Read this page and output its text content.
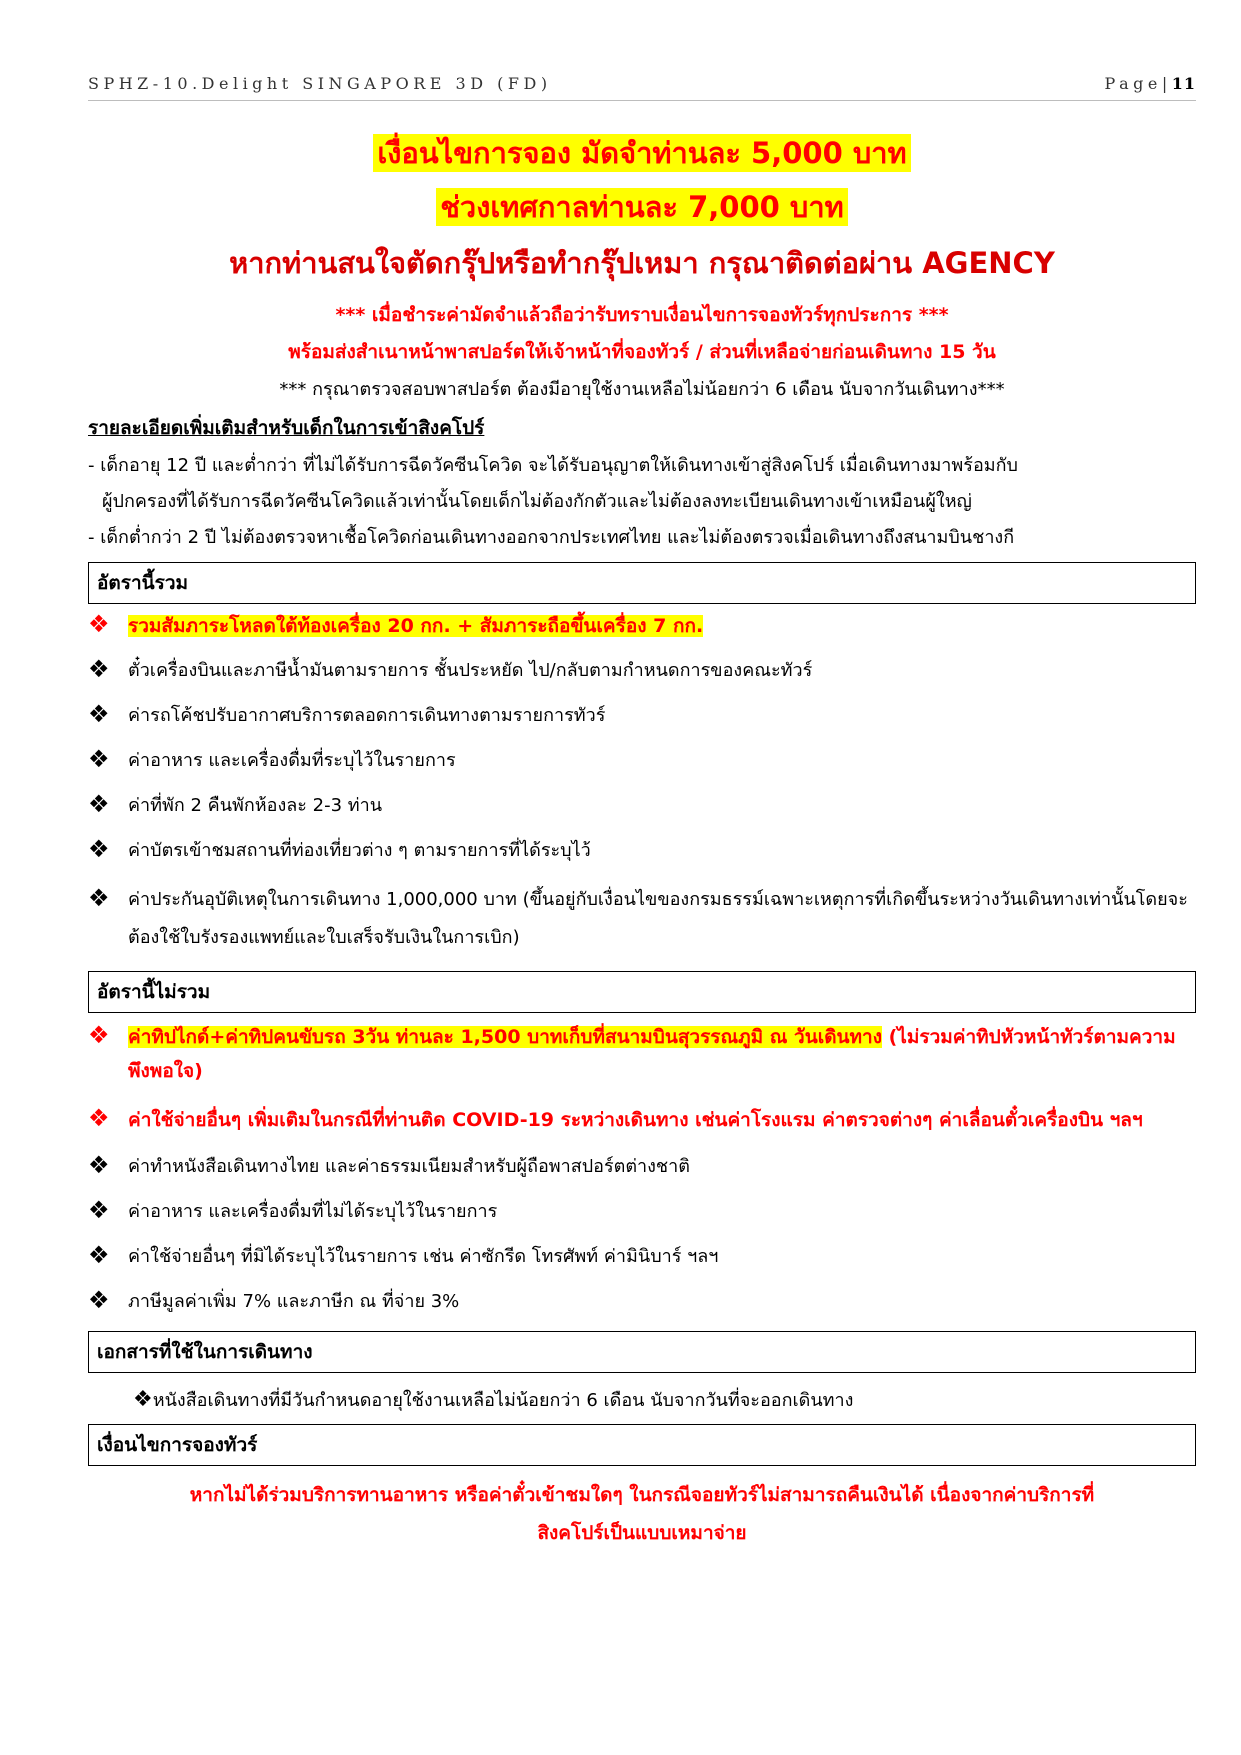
SPHZ-10.Delight SINGAPORE 3D (FD)	Page|11
เงื่อนไขการจอง มัดจำท่านละ 5,000 บาท
ช่วงเทศกาลท่านละ 7,000 บาท
หากท่านสนใจตัดกรุ๊ปหรือทำกรุ๊ปเหมา กรุณาติดต่อผ่าน AGENCY
*** เมื่อชำระค่ามัดจำแล้วถือว่ารับทราบเงื่อนไขการจองทัวร์ทุกประการ ***
พร้อมส่งสำเนาหน้าพาสปอร์ตให้เจ้าหน้าที่จองทัวร์ / ส่วนที่เหลือจ่ายก่อนเดินทาง 15 วัน
*** กรุณาตรวจสอบพาสปอร์ต ต้องมีอายุใช้งานเหลือไม่น้อยกว่า 6 เดือน นับจากวันเดินทาง***
รายละเอียดเพิ่มเติมสำหรับเด็กในการเข้าสิงคโปร์
- เด็กอายุ 12 ปี และต่ำกว่า ที่ไม่ได้รับการฉีดวัคซีนโควิด จะได้รับอนุญาตให้เดินทางเข้าสู่สิงคโปร์ เมื่อเดินทางมาพร้อมกับ
ผู้ปกครองที่ได้รับการฉีดวัคซีนโควิดแล้วเท่านั้นโดยเด็กไม่ต้องกักตัวและไม่ต้องลงทะเบียนเดินทางเข้าเหมือนผู้ใหญ่
- เด็กต่ำกว่า 2 ปี ไม่ต้องตรวจหาเชื้อโควิดก่อนเดินทางออกจากประเทศไทย และไม่ต้องตรวจเมื่อเดินทางถึงสนามบินชางกี
อัตรานี้รวม
❖ รวมสัมภาระโหลดใต้ท้องเครื่อง 20 กก. + สัมภาระถือขึ้นเครื่อง 7 กก.
❖ ตั๋วเครื่องบินและภาษีน้ำมันตามรายการ ชั้นประหยัด ไป/กลับตามกำหนดการของคณะทัวร์
❖ ค่ารถโค้ชปรับอากาศบริการตลอดการเดินทางตามรายการทัวร์
❖ ค่าอาหาร และเครื่องดื่มที่ระบุไว้ในรายการ
❖ ค่าที่พัก 2 คืนพักห้องละ 2-3 ท่าน
❖ ค่าบัตรเข้าชมสถานที่ท่องเที่ยวต่าง ๆ ตามรายการที่ได้ระบุไว้
❖ ค่าประกันอุบัติเหตุในการเดินทาง 1,000,000 บาท (ขึ้นอยู่กับเงื่อนไขของกรมธรรม์เฉพาะเหตุการที่เกิดขึ้นระหว่างวันเดินทางเท่านั้นโดยจะต้องใช้ใบรังรองแพทย์และใบเสร็จรับเงินในการเบิก)
อัตรานี้ไม่รวม
❖ ค่าทิปไกด์+ค่าทิปคนขับรถ 3วัน ท่านละ 1,500 บาทเก็บที่สนามบินสุวรรณภูมิ ณ วันเดินทาง (ไม่รวมค่าทิปหัวหน้าทัวร์ตามความพึงพอใจ)
❖ ค่าใช้จ่ายอื่นๆ เพิ่มเติมในกรณีที่ท่านติด COVID-19 ระหว่างเดินทาง เช่นค่าโรงแรม ค่าตรวจต่างๆ ค่าเลื่อนตั๋วเครื่องบิน ฯลฯ
❖ ค่าทำหนังสือเดินทางไทย และค่าธรรมเนียมสำหรับผู้ถือพาสปอร์ตต่างชาติ
❖ ค่าอาหาร และเครื่องดื่มที่ไม่ได้ระบุไว้ในรายการ
❖ ค่าใช้จ่ายอื่นๆ ที่มิได้ระบุไว้ในรายการ เช่น ค่าซักรีด โทรศัพท์ ค่ามินิบาร์ ฯลฯ
❖ ภาษีมูลค่าเพิ่ม 7% และภาษีก ณ ที่จ่าย 3%
เอกสารที่ใช้ในการเดินทาง
❖หนังสือเดินทางที่มีวันกำหนดอายุใช้งานเหลือไม่น้อยกว่า 6 เดือน นับจากวันที่จะออกเดินทาง
เงื่อนไขการจองทัวร์
หากไม่ได้ร่วมบริการทานอาหาร หรือค่าตั๋วเข้าชมใดๆ ในกรณีจอยทัวร์ไม่สามารถคืนเงินได้ เนื่องจากค่าบริการที่
สิงคโปร์เป็นแบบเหมาจ่าย
